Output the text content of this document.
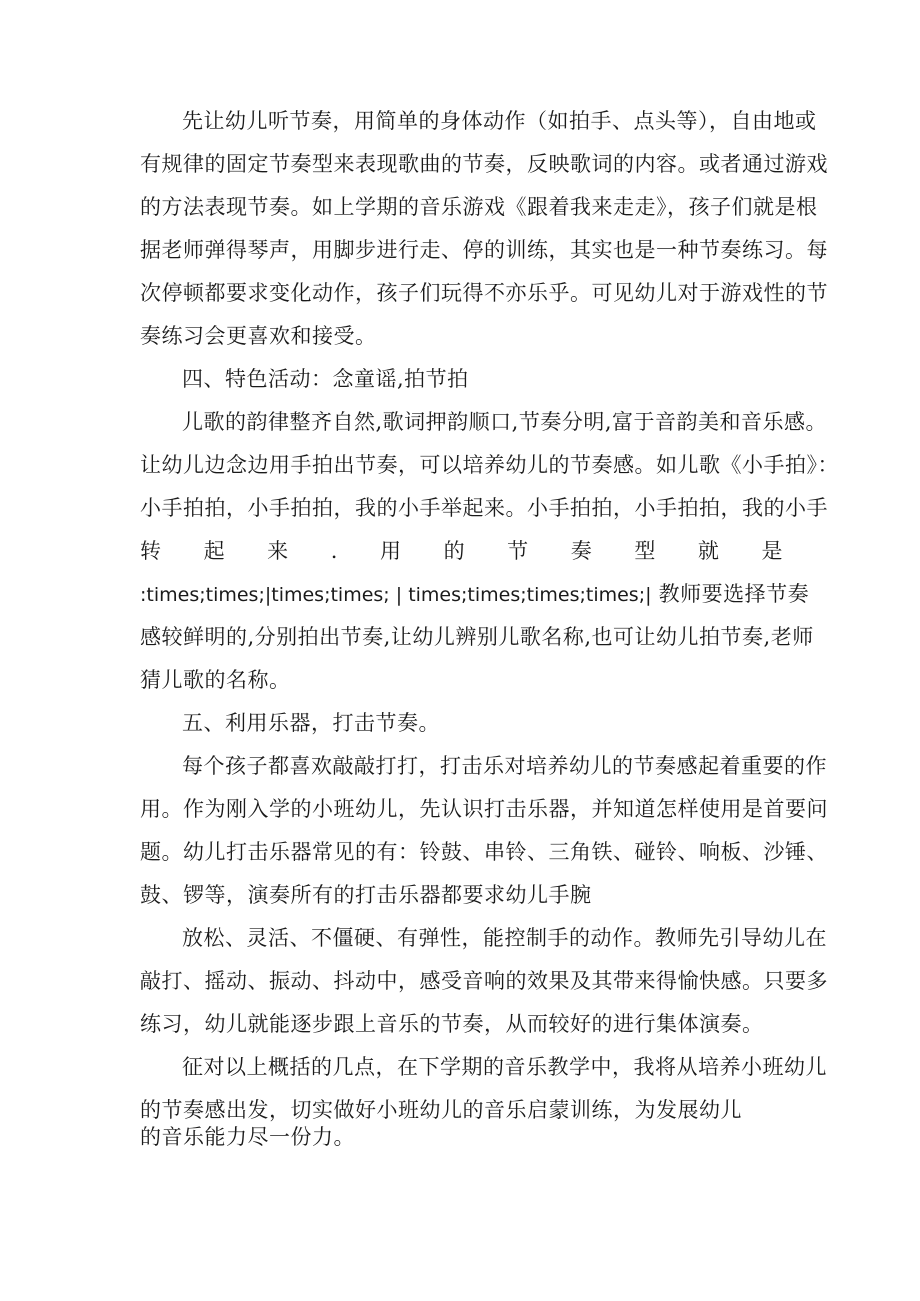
先让幼儿听节奏，用简单的身体动作（如拍手、点头等），自由地或
有规律的固定节奏型来表现歌曲的节奏，反映歌词的内容。或者通过游戏
的方法表现节奏。如上学期的音乐游戏《跟着我来走走》，孩子们就是根
据老师弹得琴声，用脚步进行走、停的训练，其实也是一种节奏练习。每
次停顿都要求变化动作，孩子们玩得不亦乐乎。可见幼儿对于游戏性的节
奏练习会更喜欢和接受。
四、特色活动：念童谣,拍节拍
儿歌的韵律整齐自然,歌词押韵顺口,节奏分明,富于音韵美和音乐感。
让幼儿边念边用手拍出节奏，可以培养幼儿的节奏感。如儿歌《小手拍》：
小手拍拍，小手拍拍，我的小手举起来。小手拍拍，小手拍拍，我的小手
转 起 来 . 用 的 节 奏 型 就 是
:times;times;|times;times; | times;times;times;times;| 教师要选择节奏
感较鲜明的,分别拍出节奏,让幼儿辨别儿歌名称,也可让幼儿拍节奏,老师
猜儿歌的名称。
五、利用乐器，打击节奏。
每个孩子都喜欢敲敲打打，打击乐对培养幼儿的节奏感起着重要的作
用。作为刚入学的小班幼儿，先认识打击乐器，并知道怎样使用是首要问
题。幼儿打击乐器常见的有：铃鼓、串铃、三角铁、碰铃、响板、沙锤、
鼓、锣等，演奏所有的打击乐器都要求幼儿手腕
放松、灵活、不僵硬、有弹性，能控制手的动作。教师先引导幼儿在
敲打、摇动、振动、抖动中，感受音响的效果及其带来得愉快感。只要多
练习，幼儿就能逐步跟上音乐的节奏，从而较好的进行集体演奏。
征对以上概括的几点，在下学期的音乐教学中，我将从培养小班幼儿
的节奏感出发，切实做好小班幼儿的音乐启蒙训练，为发展幼儿
的音乐能力尽一份力。
